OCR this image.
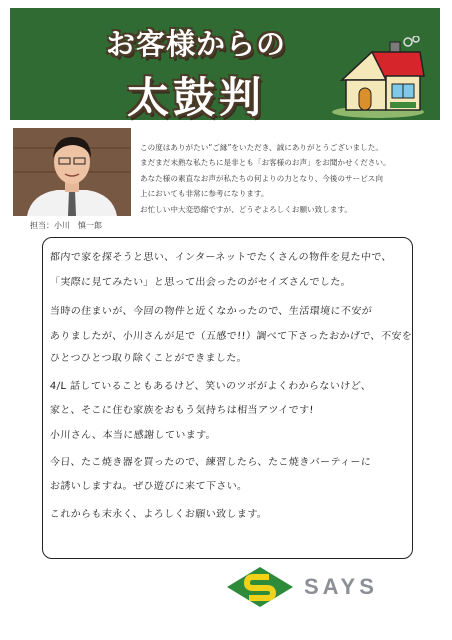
お客様からの
太鼓判
担当：小川　慎一郎
この度はありがたい“ご縁”をいただき、誠にありがとうございました。
まだまだ未熟な私たちに是非とも「お客様のお声」をお聞かせください。
あなた様の素直なお声が私たちの何よりの力となり、今後のサービス向
上においても非常に参考になります。
お忙しい中大変恐縮ですが、どうぞよろしくお願い致します。
都内で家を探そうと思い、インターネットでたくさんの物件を見た中で、
「実際に見てみたい」と思って出会ったのがセイズさんでした。
当時の住まいが、今回の物件と近くなかったので、生活環境に不安が
ありましたが、小川さんが足で（五感で!!）調べて下さったおかげで、不安を
ひとつひとつ取り除くことができました。
4/L 話していることもあるけど、笑いのツボがよくわからないけど、
家と、そこに住む家族をおもう気持ちは相当アツイです!
小川さん、本当に感謝しています。
今日、たこ焼き器を買ったので、練習したら、たこ焼きパーティーに
お誘いしますね。ぜひ遊びに来て下さい。
これからも末永く、よろしくお願い致します。
SAYS
